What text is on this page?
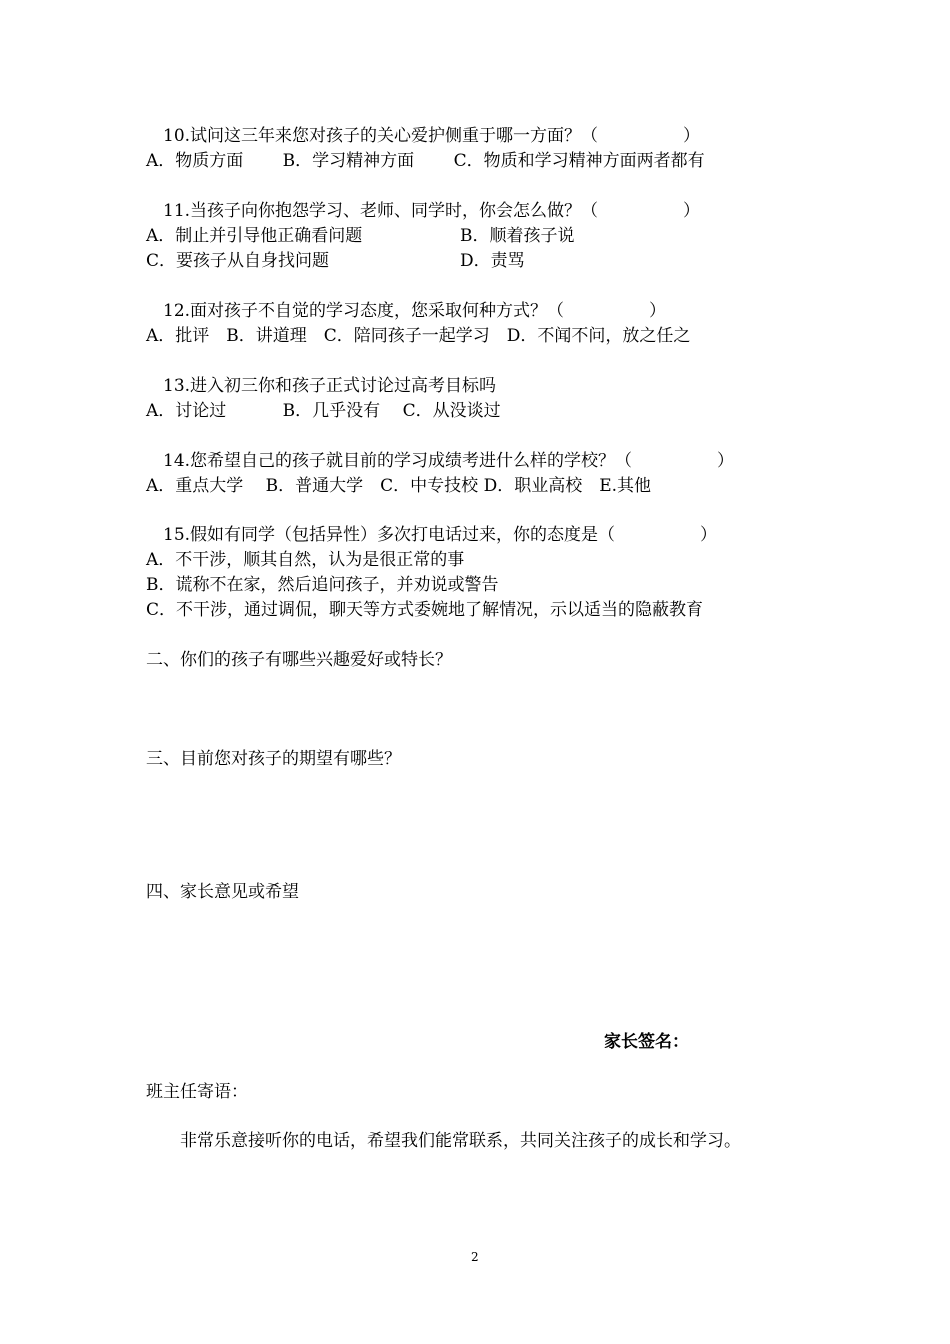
10.试问这三年来您对孩子的关心爱护侧重于哪一方面？（　　　　　）
A．物质方面　　 B．学习精神方面　　 C．物质和学习精神方面两者都有
11.当孩子向你抱怨学习、老师、同学时，你会怎么做？（　　　　　）
A．制止并引导他正确看问题	B．顺着孩子说
C．要孩子从自身找问题	D．责骂
12.面对孩子不自觉的学习态度，您采取何种方式？（　　　　　）
A．批评　B．讲道理　C．陪同孩子一起学习　D．不闻不问，放之任之
13.进入初三你和孩子正式讨论过高考目标吗
A．讨论过　　　 B．几乎没有　 C．从没谈过
14.您希望自己的孩子就目前的学习成绩考进什么样的学校？（　　　　　）
A．重点大学　 B．普通大学　C．中专技校 D．职业高校　E.其他
15.假如有同学（包括异性）多次打电话过来，你的态度是（　　　　　）
A．不干涉，顺其自然，认为是很正常的事
B．谎称不在家，然后追问孩子，并劝说或警告
C．不干涉，通过调侃，聊天等方式委婉地了解情况，示以适当的隐蔽教育
二、你们的孩子有哪些兴趣爱好或特长？
三、目前您对孩子的期望有哪些？
四、家长意见或希望
家长签名：
班主任寄语：
非常乐意接听你的电话，希望我们能常联系，共同关注孩子的成长和学习。
2
